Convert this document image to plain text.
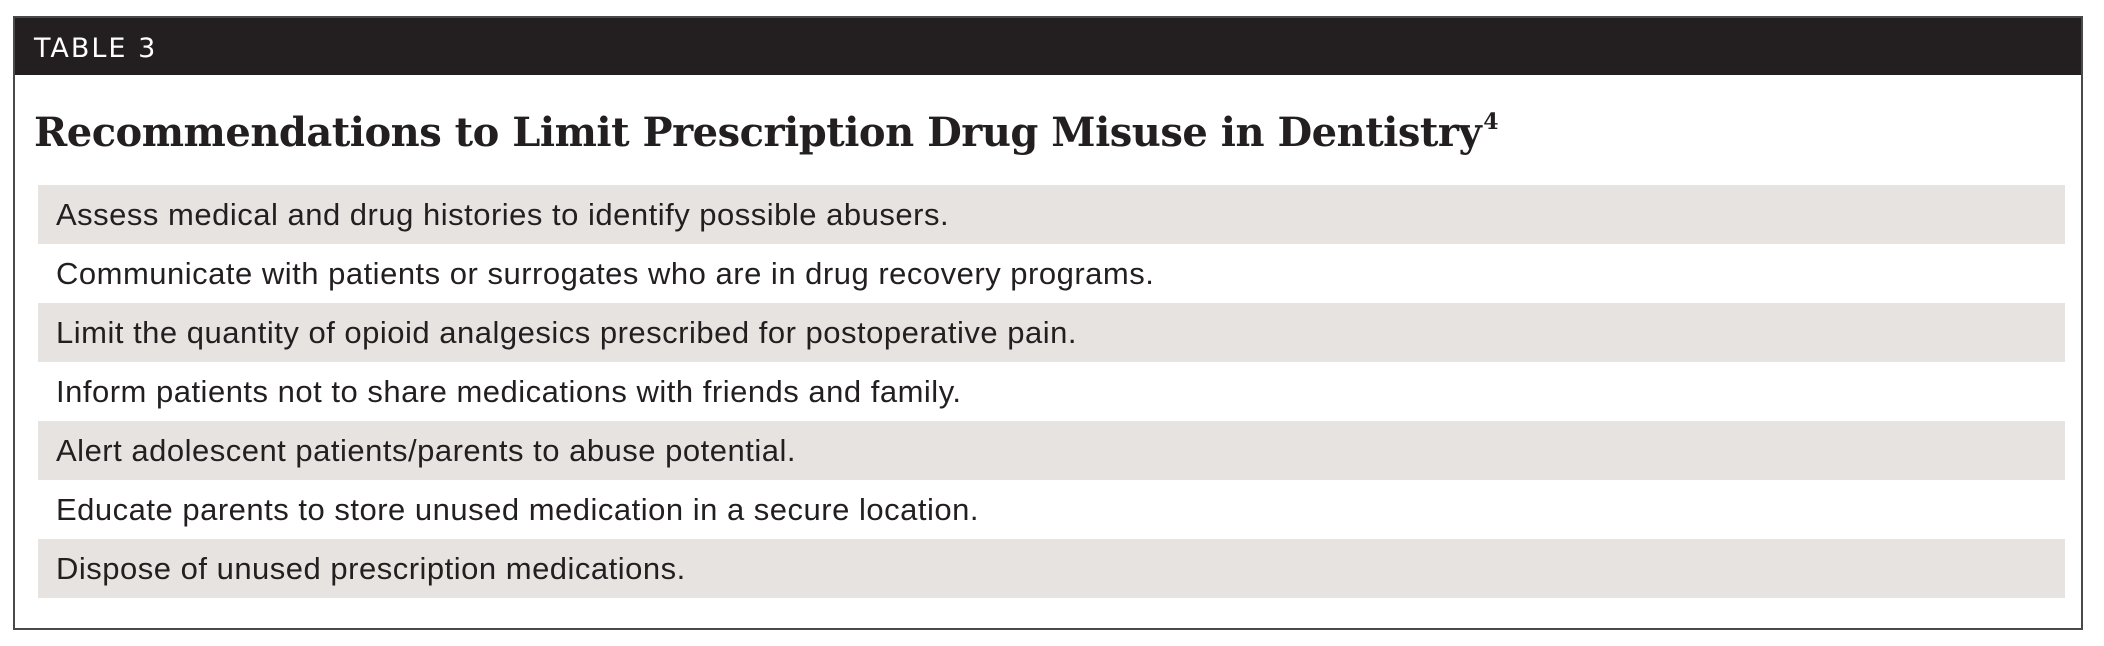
TABLE 3
Recommendations to Limit Prescription Drug Misuse in Dentistry$^4$
Assess medical and drug histories to identify possible abusers.
Communicate with patients or surrogates who are in drug recovery programs.
Limit the quantity of opioid analgesics prescribed for postoperative pain.
Inform patients not to share medications with friends and family.
Alert adolescent patients/parents to abuse potential.
Educate parents to store unused medication in a secure location.
Dispose of unused prescription medications.
